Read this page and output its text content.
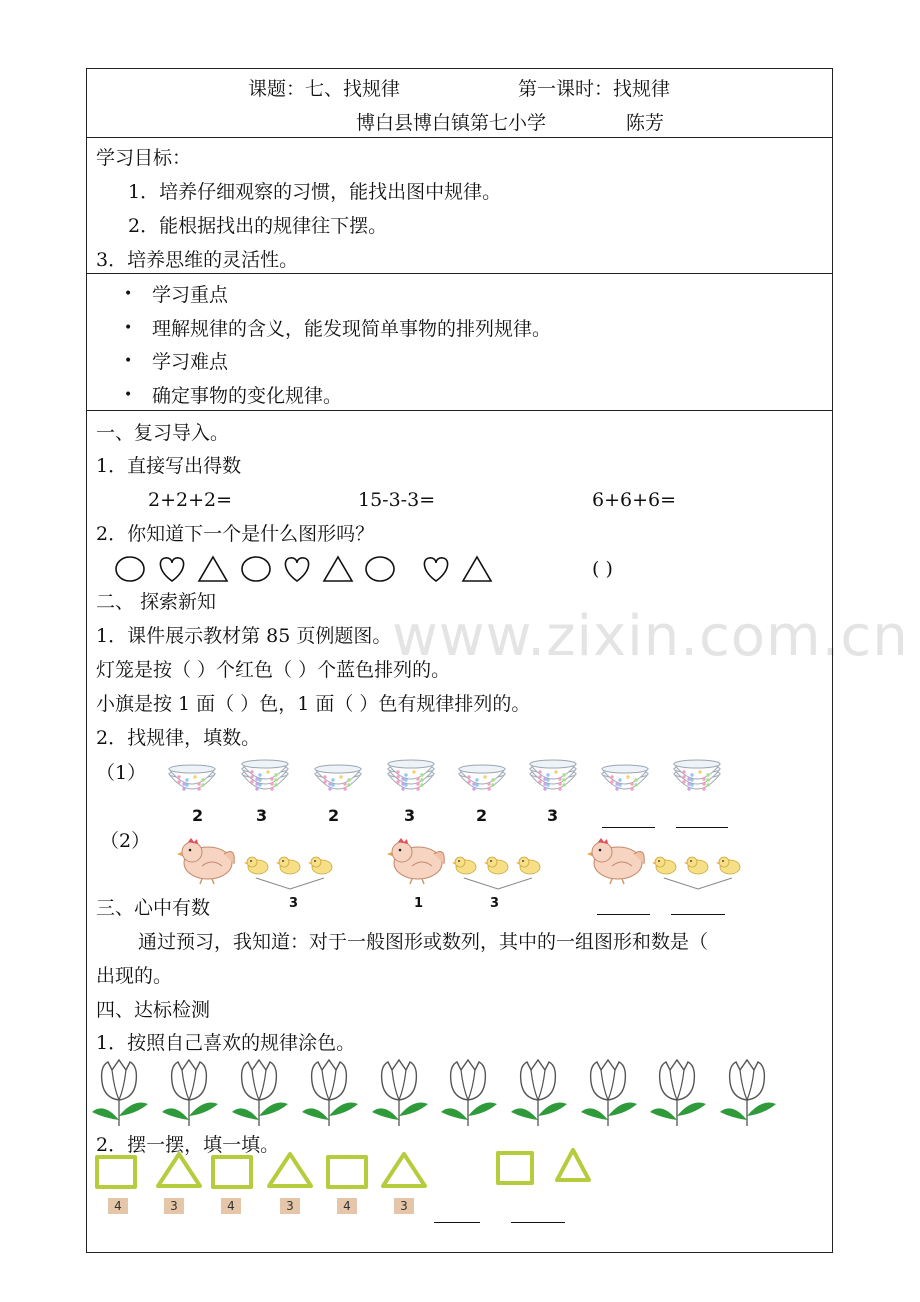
www.zixin.com.cn
课题：七、找规律	第一课时：找规律
博白县博白镇第七小学	陈芳
学习目标：
1．培养仔细观察的习惯，能找出图中规律。
2．能根据找出的规律往下摆。
3．培养思维的灵活性。
• 学习重点
• 理解规律的含义，能发现简单事物的排列规律。
• 学习难点
• 确定事物的变化规律。
一、复习导入。
1．直接写出得数
2+2+2=	15-3-3=	6+6+6=
2．你知道下一个是什么图形吗？
( )
二、 探索新知
1．课件展示教材第 85 页例题图。
灯笼是按（ ）个红色（ ）个蓝色排列的。
小旗是按 1 面（ ）色，1 面（ ）色有规律排列的。
2．找规律，填数。
（1）
2	3	2	3	2	3
（2）
三、心中有数	3	1	3
通过预习，我知道：对于一般图形或数列，其中的一组图形和数是（
出现的。
四、达标检测
1．按照自己喜欢的规律涂色。
2．摆一摆，填一填。
4	3	4	3	4	3
